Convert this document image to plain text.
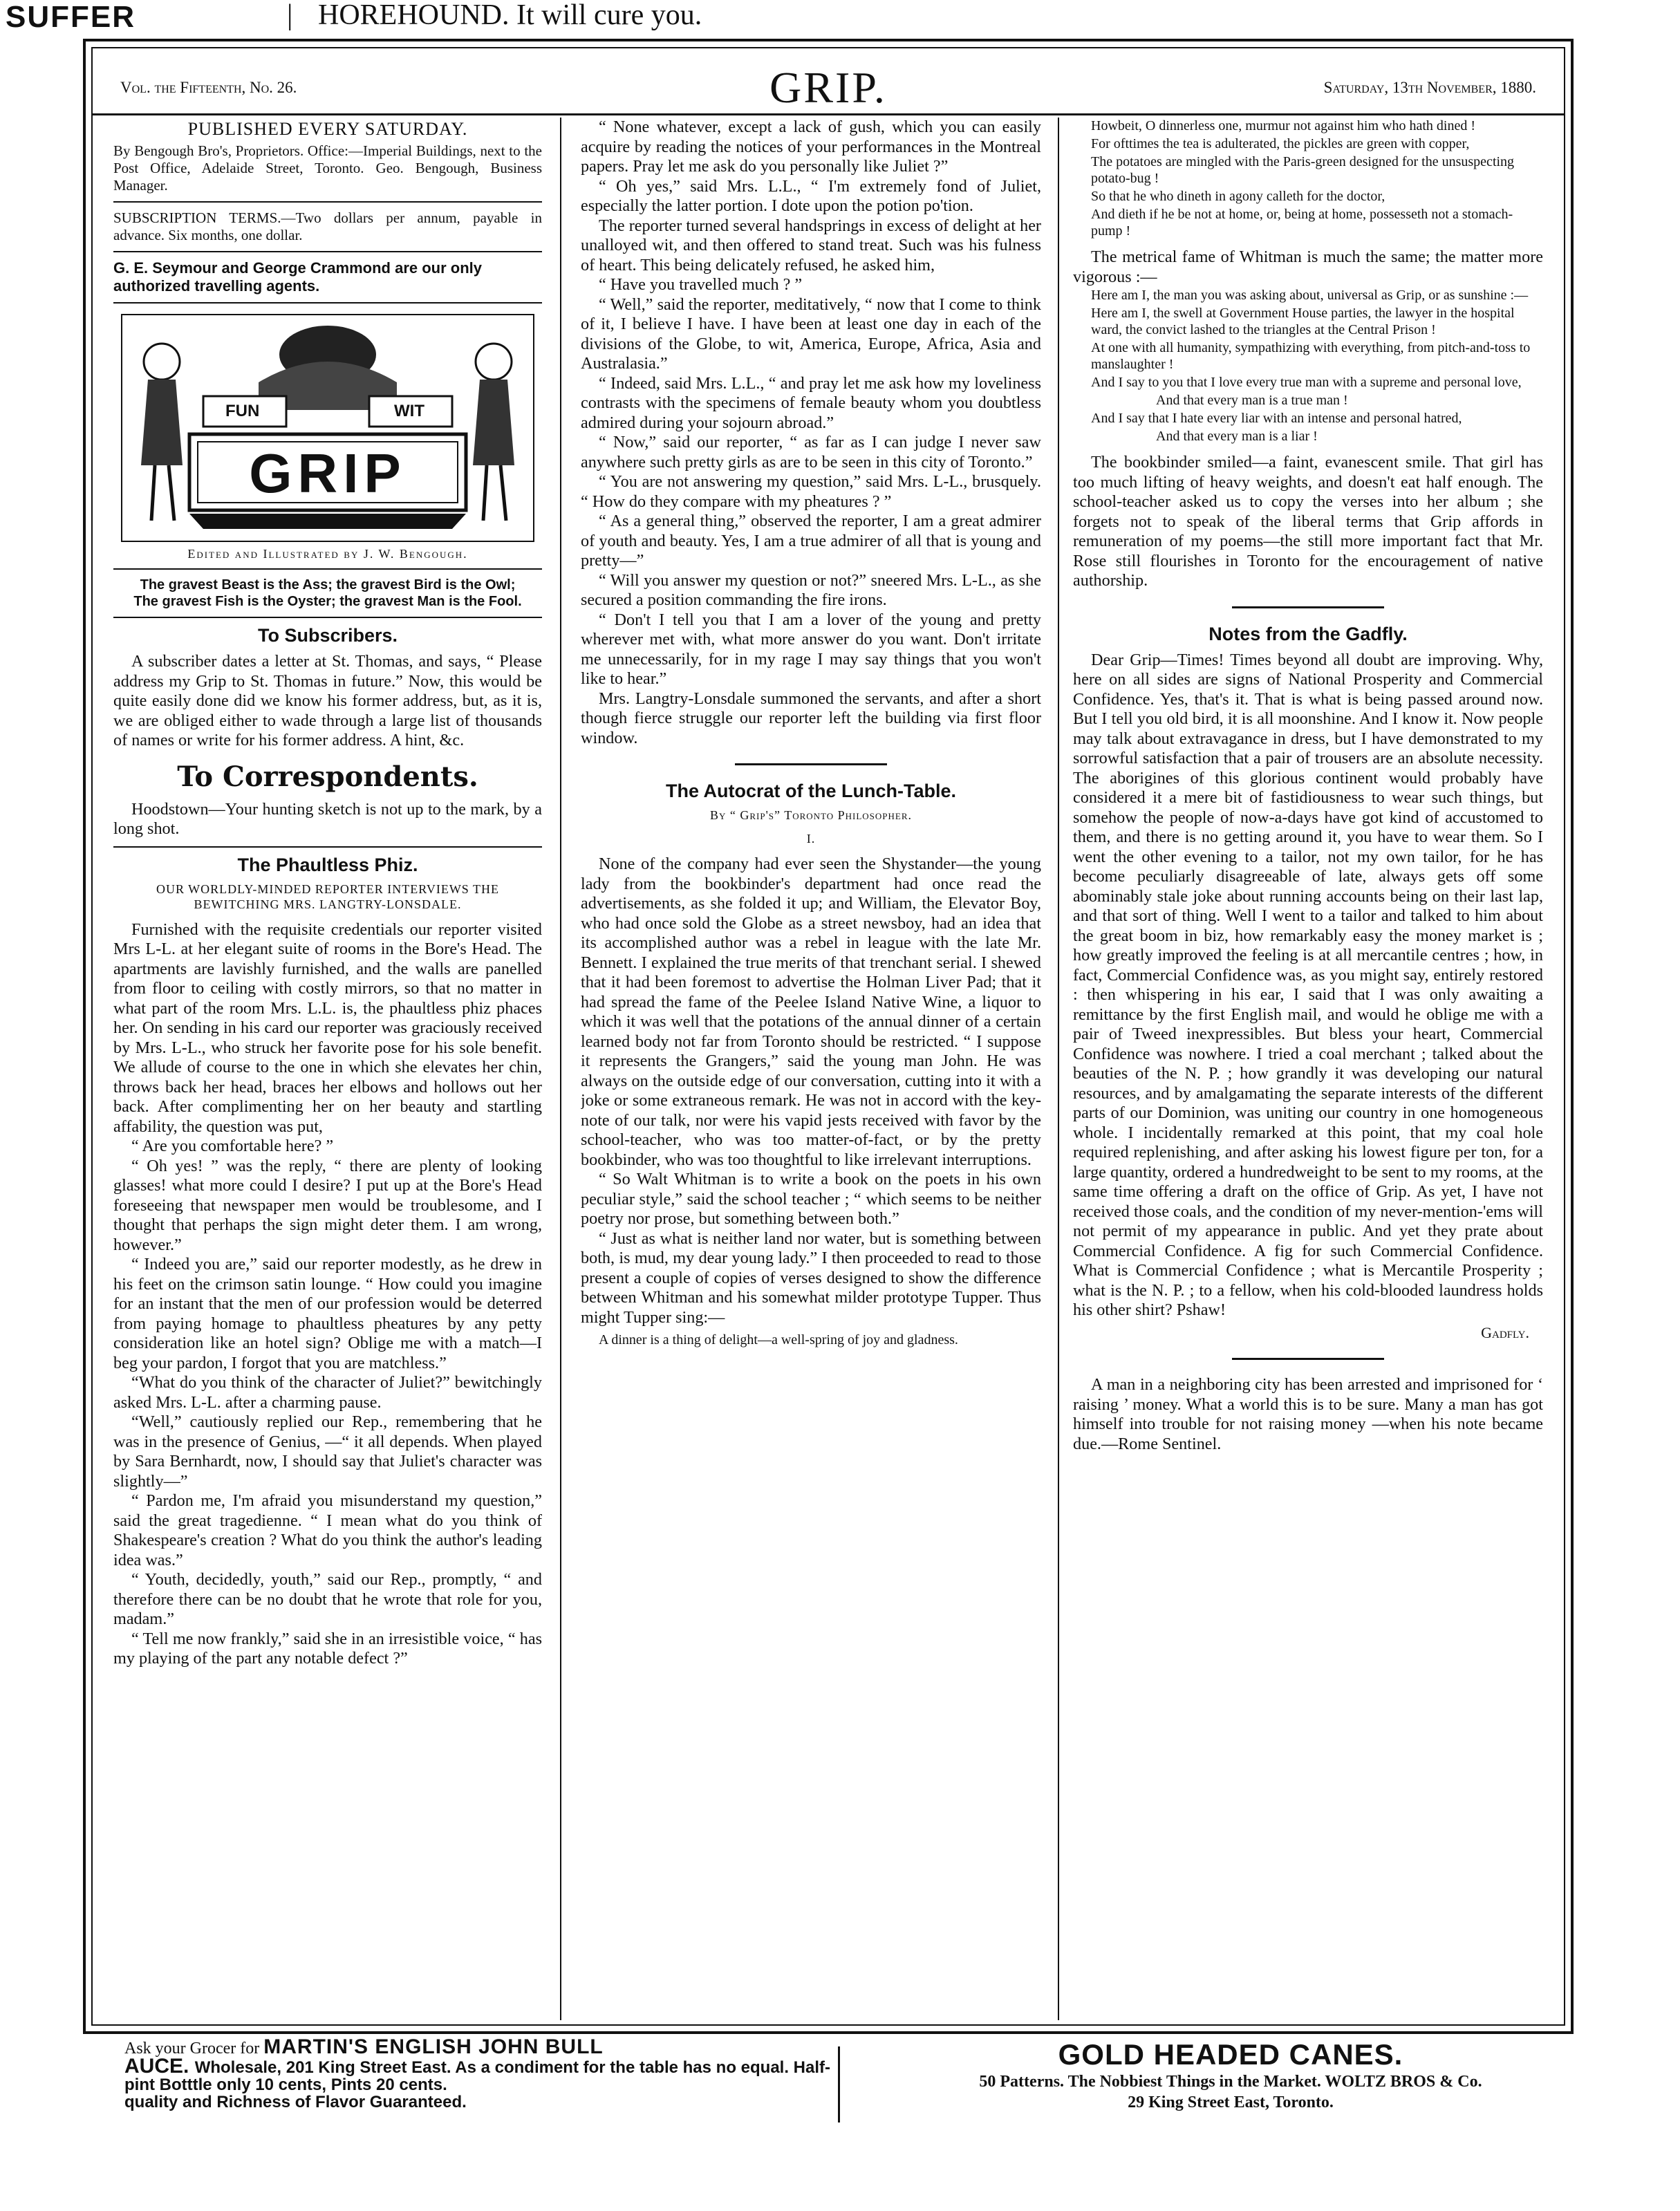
SUFFER	| HOREHOUND. It will cure you.
Vol. the Fifteenth, No. 26.	GRIP.	Saturday, 13th November, 1880.
PUBLISHED EVERY SATURDAY.

By Bengough Bro's, Proprietors. Office:—Imperial Buildings, next to the Post Office, Adelaide Street, Toronto. Geo. Bengough, Business Manager.

SUBSCRIPTION TERMS.—Two dollars per annum, payable in advance. Six months, one dollar.

G. E. Seymour and George Crammond are our only authorized travelling agents.
FUN	WIT
GRIP
Edited and Illustrated by J. W. Bengough.
The gravest Beast is the Ass; the gravest Bird is the Owl;
The gravest Fish is the Oyster; the gravest Man is the Fool.
To Subscribers.

A subscriber dates a letter at St. Thomas, and says, “ Please address my Grip to St. Thomas in future.” Now, this would be quite easily done did we know his former address, but, as it is, we are obliged either to wade through a large list of thousands of names or write for his former address. A hint, &c.

To Correspondents.

Hoodstown—Your hunting sketch is not up to the mark, by a long shot.

The Phaultless Phiz.
OUR WORLDLY-MINDED REPORTER INTERVIEWS THE BEWITCHING MRS. LANGTRY-LONSDALE.

Furnished with the requisite credentials our reporter visited Mrs L-L. at her elegant suite of rooms in the Bore's Head. The apartments are lavishly furnished, and the walls are panelled from floor to ceiling with costly mirrors, so that no matter in what part of the room Mrs. L.L. is, the phaultless phiz phaces her. On sending in his card our reporter was graciously received by Mrs. L-L., who struck her favorite pose for his sole benefit. We allude of course to the one in which she elevates her chin, throws back her head, braces her elbows and hollows out her back. After complimenting her on her beauty and startling affability, the question was put,

“ Are you comfortable here? ”

“ Oh yes! ” was the reply, “ there are plenty of looking glasses! what more could I desire? I put up at the Bore's Head foreseeing that newspaper men would be troublesome, and I thought that perhaps the sign might deter them. I am wrong, however.”

“ Indeed you are,” said our reporter modestly, as he drew in his feet on the crimson satin lounge. “ How could you imagine for an instant that the men of our profession would be deterred from paying homage to phaultless pheatures by any petty consideration like an hotel sign? Oblige me with a match—I beg your pardon, I forgot that you are matchless.”

“What do you think of the character of Juliet?” bewitchingly asked Mrs. L-L. after a charming pause.

“Well,” cautiously replied our Rep., remembering that he was in the presence of Genius, —“ it all depends. When played by Sara Bernhardt, now, I should say that Juliet's character was slightly—”

“ Pardon me, I'm afraid you misunderstand my question,” said the great tragedienne. “ I mean what do you think of Shakespeare's creation ? What do you think the author's leading idea was.”

“ Youth, decidedly, youth,” said our Rep., promptly, “ and therefore there can be no doubt that he wrote that role for you, madam.”

“ Tell me now frankly,” said she in an irresistible voice, “ has my playing of the part any notable defect ?”

“ None whatever, except a lack of gush, which you can easily acquire by reading the notices of your performances in the Montreal papers. Pray let me ask do you personally like Juliet ?”

“ Oh yes,” said Mrs. L.L., “ I'm extremely fond of Juliet, especially the latter portion. I dote upon the potion po'tion.

The reporter turned several handsprings in excess of delight at her unalloyed wit, and then offered to stand treat. Such was his fulness of heart. This being delicately refused, he asked him,

“ Have you travelled much ? ”

“ Well,” said the reporter, meditatively, “ now that I come to think of it, I believe I have. I have been at least one day in each of the divisions of the Globe, to wit, America, Europe, Africa, Asia and Australasia.”

“ Indeed, said Mrs. L.L., “ and pray let me ask how my loveliness contrasts with the specimens of female beauty whom you doubtless admired during your sojourn abroad.”

“ Now,” said our reporter, “ as far as I can judge I never saw anywhere such pretty girls as are to be seen in this city of Toronto.”

“ You are not answering my question,” said Mrs. L-L., brusquely. “ How do they compare with my pheatures ? ”

“ As a general thing,” observed the reporter, I am a great admirer of youth and beauty. Yes, I am a true admirer of all that is young and pretty—”

“ Will you answer my question or not?” sneered Mrs. L-L., as she secured a position commanding the fire irons.

“ Don't I tell you that I am a lover of the young and pretty wherever met with, what more answer do you want. Don't irritate me unnecessarily, for in my rage I may say things that you won't like to hear.”

Mrs. Langtry-Lonsdale summoned the servants, and after a short though fierce struggle our reporter left the building via first floor window.

The Autocrat of the Lunch-Table.
By “ Grip's” Toronto Philosopher.
I.

None of the company had ever seen the Shystander—the young lady from the bookbinder's department had once read the advertisements, as she folded it up; and William, the Elevator Boy, who had once sold the Globe as a street newsboy, had an idea that its accomplished author was a rebel in league with the late Mr. Bennett. I explained the true merits of that trenchant serial. I shewed that it had been foremost to advertise the Holman Liver Pad; that it had spread the fame of the Peelee Island Native Wine, a liquor to which it was well that the potations of the annual dinner of a certain learned body not far from Toronto should be restricted. “ I suppose it represents the Grangers,” said the young man John. He was always on the outside edge of our conversation, cutting into it with a joke or some extraneous remark. He was not in accord with the key-note of our talk, nor were his vapid jests received with favor by the school-teacher, who was too matter-of-fact, or by the pretty bookbinder, who was too thoughtful to like irrelevant interruptions.

“ So Walt Whitman is to write a book on the poets in his own peculiar style,” said the school teacher ; “ which seems to be neither poetry nor prose, but something between both.”

“ Just as what is neither land nor water, but is something between both, is mud, my dear young lady.” I then proceeded to read to those present a couple of copies of verses designed to show the difference between Whitman and his somewhat milder prototype Tupper. Thus might Tupper sing:—

A dinner is a thing of delight—a well-spring of joy and gladness.

Howbeit, O dinnerless one, murmur not against him who hath dined !

For ofttimes the tea is adulterated, the pickles are green with copper,

The potatoes are mingled with the Paris-green designed for the unsuspecting potato-bug !

So that he who dineth in agony calleth for the doctor,

And dieth if he be not at home, or, being at home, possesseth not a stomach-pump !

The metrical fame of Whitman is much the same; the matter more vigorous :—

Here am I, the man you was asking about, universal as Grip, or as sunshine :—

Here am I, the swell at Government House parties, the lawyer in the hospital ward, the convict lashed to the triangles at the Central Prison !

At one with all humanity, sympathizing with everything, from pitch-and-toss to manslaughter !

And I say to you that I love every true man with a supreme and personal love,

And that every man is a true man !

And I say that I hate every liar with an intense and personal hatred,

And that every man is a liar !

The bookbinder smiled—a faint, evanescent smile. That girl has too much lifting of heavy weights, and doesn't eat half enough. The school-teacher asked us to copy the verses into her album ; she forgets not to speak of the liberal terms that Grip affords in remuneration of my poems—the still more important fact that Mr. Rose still flourishes in Toronto for the encouragement of native authorship.

Notes from the Gadfly.

Dear Grip—Times! Times beyond all doubt are improving. Why, here on all sides are signs of National Prosperity and Commercial Confidence. Yes, that's it. That is what is being passed around now. But I tell you old bird, it is all moonshine. And I know it. Now people may talk about extravagance in dress, but I have demonstrated to my sorrowful satisfaction that a pair of trousers are an absolute necessity. The aborigines of this glorious continent would probably have considered it a mere bit of fastidiousness to wear such things, but somehow the people of now-a-days have got kind of accustomed to them, and there is no getting around it, you have to wear them. So I went the other evening to a tailor, not my own tailor, for he has become peculiarly disagreeable of late, always gets off some abominably stale joke about running accounts being on their last lap, and that sort of thing. Well I went to a tailor and talked to him about the great boom in biz, how remarkably easy the money market is ; how greatly improved the feeling is at all mercantile centres ; how, in fact, Commercial Confidence was, as you might say, entirely restored : then whispering in his ear, I said that I was only awaiting a remittance by the first English mail, and would he oblige me with a pair of Tweed inexpressibles. But bless your heart, Commercial Confidence was nowhere. I tried a coal merchant ; talked about the beauties of the N. P. ; how grandly it was developing our natural resources, and by amalgamating the separate interests of the different parts of our Dominion, was uniting our country in one homogeneous whole. I incidentally remarked at this point, that my coal hole required replenishing, and after asking his lowest figure per ton, for a large quantity, ordered a hundredweight to be sent to my rooms, at the same time offering a draft on the office of Grip. As yet, I have not received those coals, and the condition of my never-mention-'ems will not permit of my appearance in public. And yet they prate about Commercial Confidence. A fig for such Commercial Confidence. What is Commercial Confidence ; what is Mercantile Prosperity ; what is the N. P. ; to a fellow, when his cold-blooded laundress holds his other shirt? Pshaw!

Gadfly.

A man in a neighboring city has been arrested and imprisoned for ‘ raising ’ money. What a world this is to be sure. Many a man has got himself into trouble for not raising money —when his note became due.—Rome Sentinel.

Ask your Grocer for MARTIN'S ENGLISH JOHN BULL
AUCE. Wholesale, 201 King Street East. As a condiment for the table has no equal. Half-pint Botttle only 10 cents, Pints 20 cents.
quality and Richness of Flavor Guaranteed.
GOLD HEADED CANES.
50 Patterns. The Nobbiest Things in the Market. WOLTZ BROS & Co.
29 King Street East, Toronto.
